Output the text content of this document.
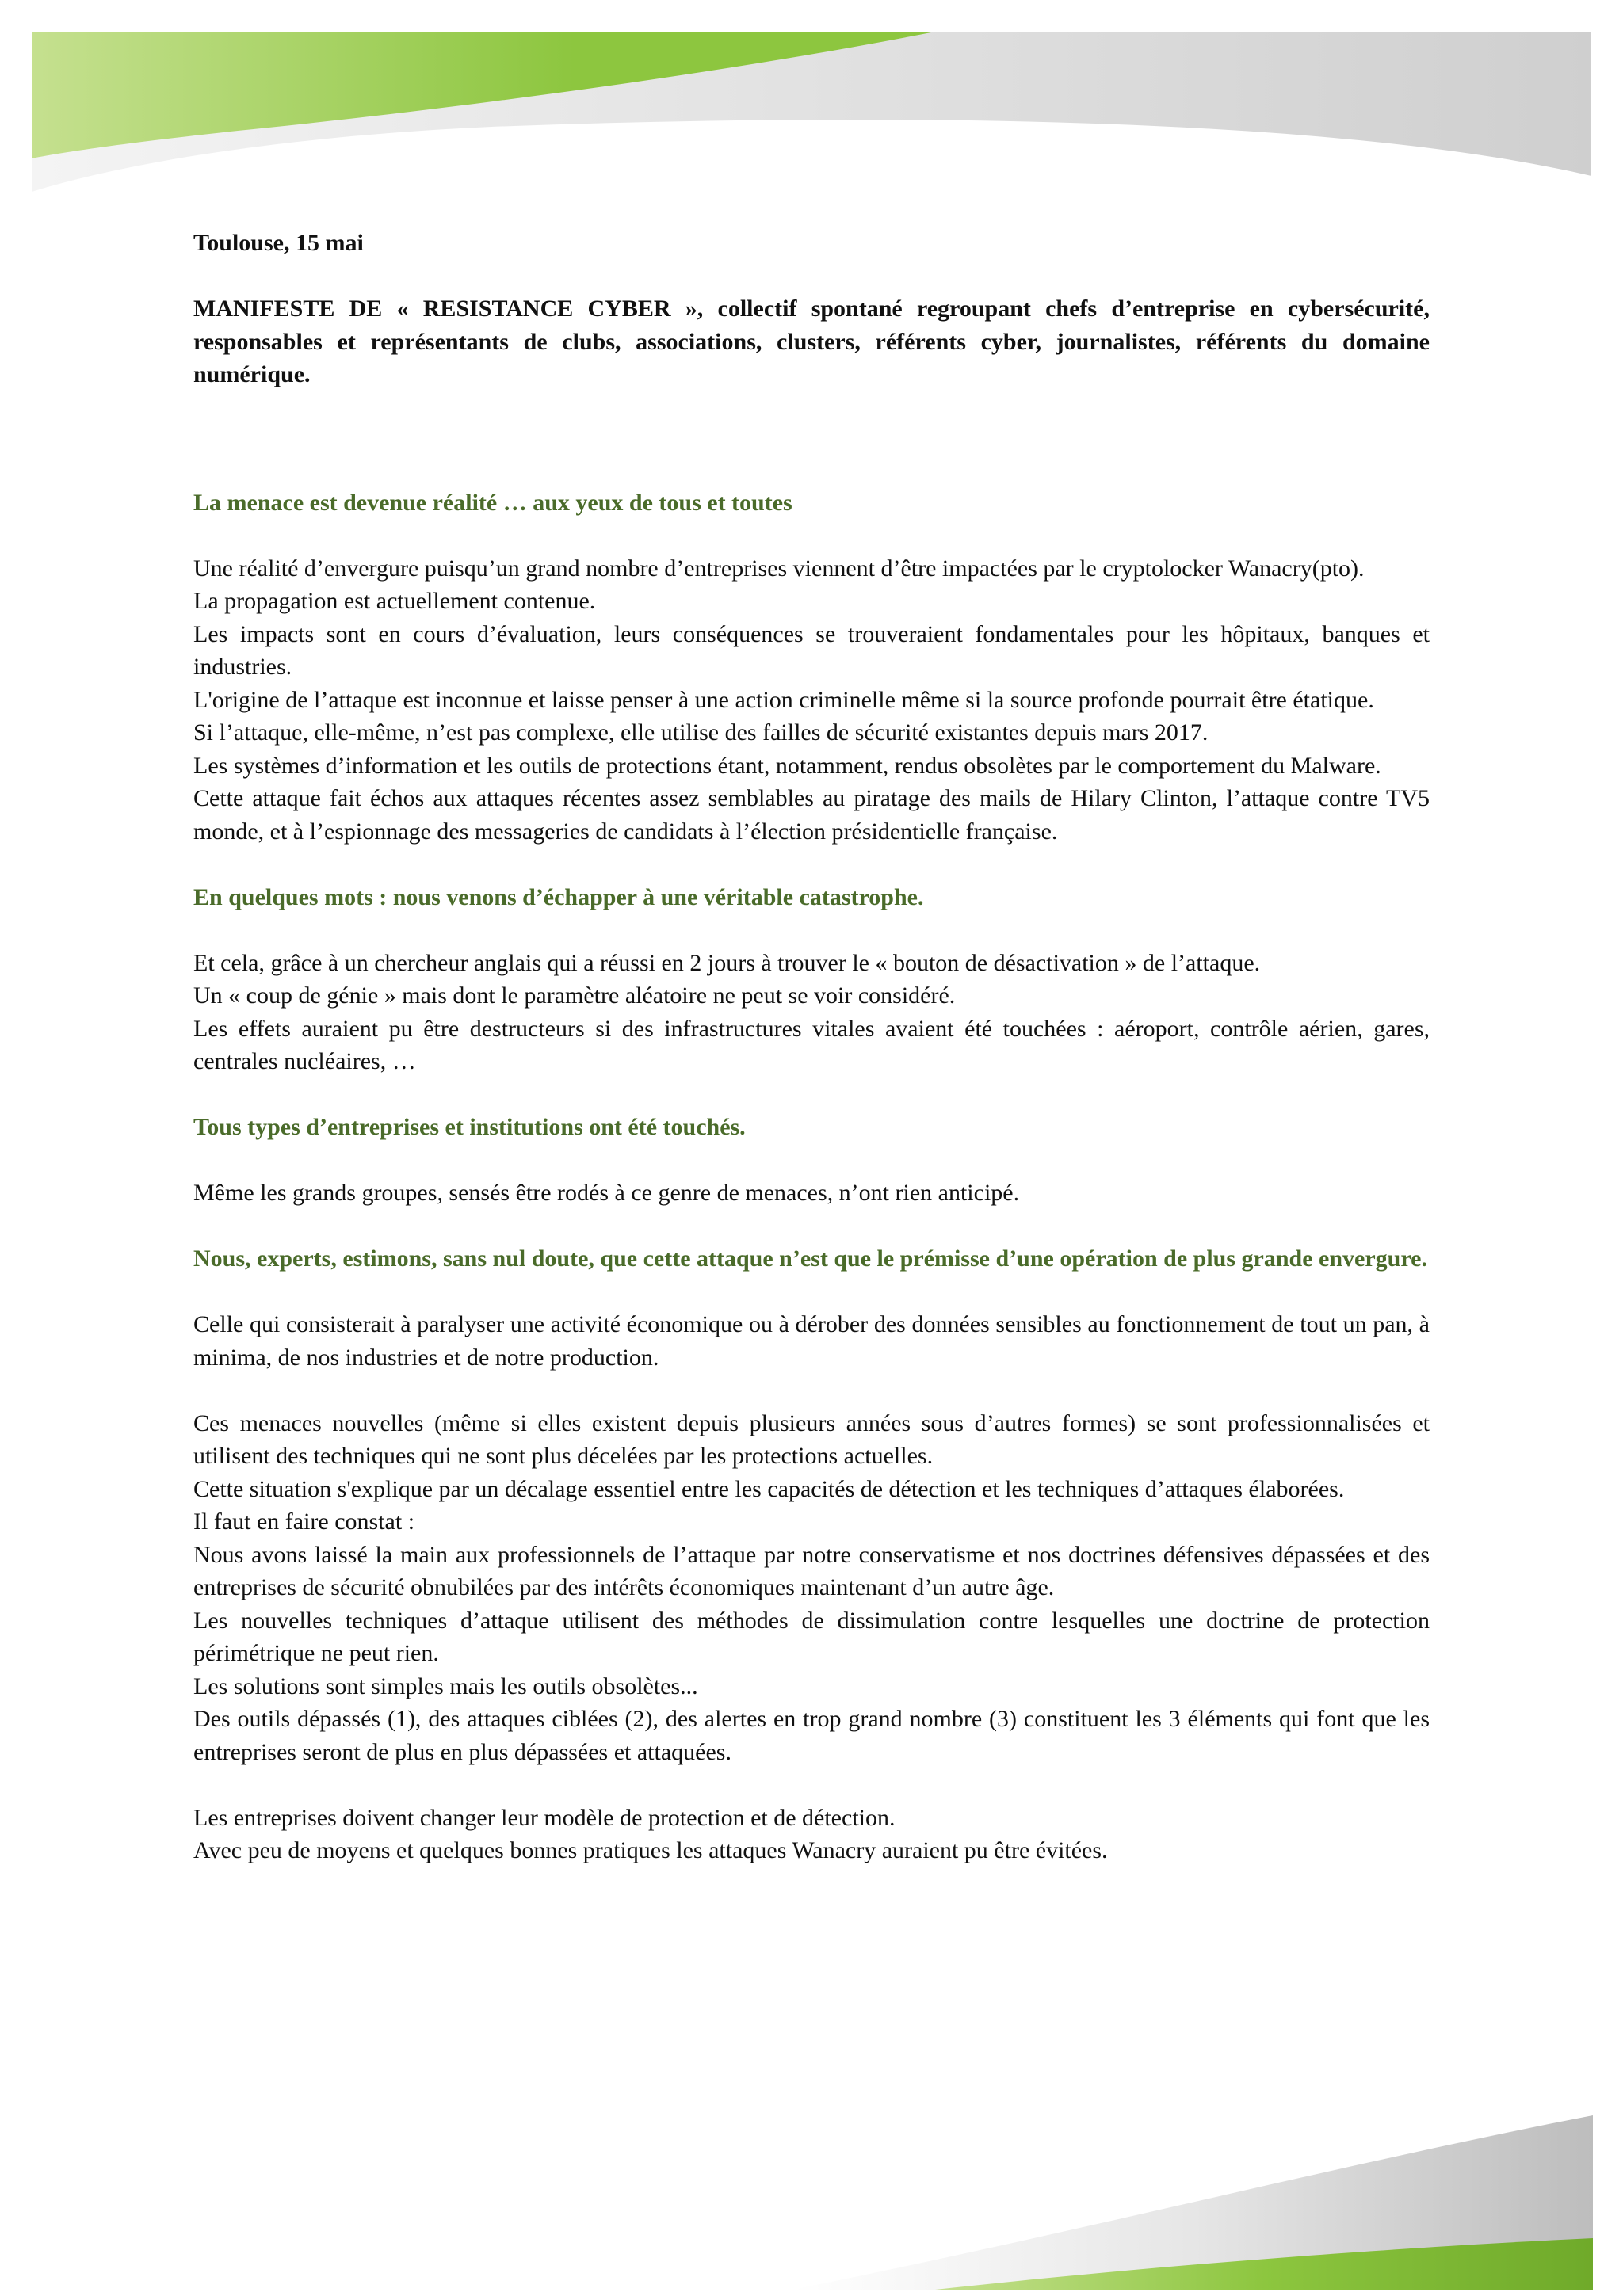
Toulouse, 15 mai

MANIFESTE DE « RESISTANCE CYBER », collectif spontané regroupant chefs d’entreprise en cybersécurité, responsables et représentants de clubs, associations, clusters, référents cyber, journalistes, référents du domaine numérique.

La menace est devenue réalité … aux yeux de tous et toutes

Une réalité d’envergure puisqu’un grand nombre d’entreprises viennent d’être impactées par le cryptolocker Wanacry(pto).

La propagation est actuellement contenue.

Les impacts sont en cours d’évaluation, leurs conséquences se trouveraient fondamentales pour les hôpitaux, banques et industries.

L'origine de l’attaque est inconnue et laisse penser à une action criminelle même si la source profonde pourrait être étatique.

Si l’attaque, elle-même, n’est pas complexe, elle utilise des failles de sécurité existantes depuis mars 2017.

Les systèmes d’information et les outils de protections étant, notamment, rendus obsolètes par le comportement du Malware.

Cette attaque fait échos aux attaques récentes assez semblables au piratage des mails de Hilary Clinton, l’attaque contre TV5 monde, et à l’espionnage des messageries de candidats à l’élection présidentielle française.

En quelques mots : nous venons d’échapper à une véritable catastrophe.

Et cela, grâce à un chercheur anglais qui a réussi en 2 jours à trouver le « bouton de désactivation » de l’attaque.

Un « coup de génie » mais dont le paramètre aléatoire ne peut se voir considéré.

Les effets auraient pu être destructeurs si des infrastructures vitales avaient été touchées : aéroport, contrôle aérien, gares, centrales nucléaires, …

Tous types d’entreprises et institutions ont été touchés.

Même les grands groupes, sensés être rodés à ce genre de menaces, n’ont rien anticipé.

Nous, experts, estimons, sans nul doute, que cette attaque n’est que le prémisse d’une opération de plus grande envergure.

Celle qui consisterait à paralyser une activité économique ou à dérober des données sensibles au fonctionnement de tout un pan, à minima, de nos industries et de notre production.

Ces menaces nouvelles (même si elles existent depuis plusieurs années sous d’autres formes) se sont professionnalisées et utilisent des techniques qui ne sont plus décelées par les protections actuelles.

Cette situation s'explique par un décalage essentiel entre les capacités de détection et les techniques d’attaques élaborées.

Il faut en faire constat :

Nous avons laissé la main aux professionnels de l’attaque par notre conservatisme et nos doctrines défensives dépassées et des entreprises de sécurité obnubilées par des intérêts économiques maintenant d’un autre âge.

Les nouvelles techniques d’attaque utilisent des méthodes de dissimulation contre lesquelles une doctrine de protection périmétrique ne peut rien.

Les solutions sont simples mais les outils obsolètes...

Des outils dépassés (1), des attaques ciblées (2), des alertes en trop grand nombre (3) constituent les 3 éléments qui font que les entreprises seront de plus en plus dépassées et attaquées.

Les entreprises doivent changer leur modèle de protection et de détection.

Avec peu de moyens et quelques bonnes pratiques les attaques Wanacry auraient pu être évitées.
